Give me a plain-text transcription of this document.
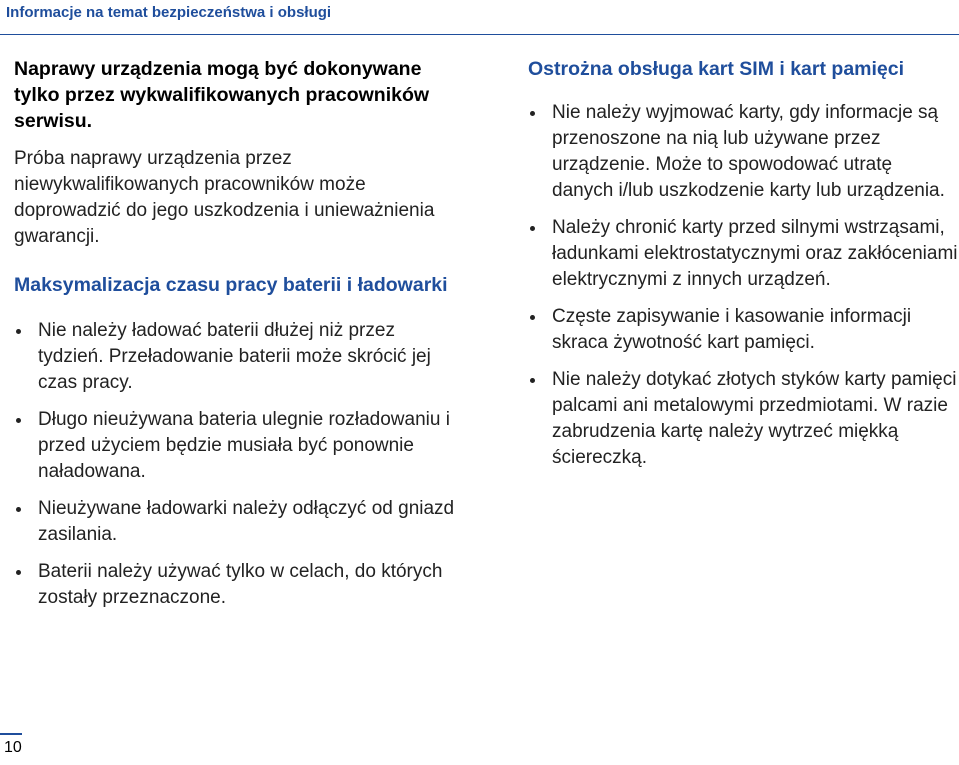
Informacje na temat bezpieczeństwa i obsługi

Naprawy urządzenia mogą być dokonywane tylko przez wykwalifikowanych pracowników serwisu.

Próba naprawy urządzenia przez niewykwalifikowanych pracowników może doprowadzić do jego uszkodzenia i unieważnienia gwarancji.

Maksymalizacja czasu pracy baterii i ładowarki
Nie należy ładować baterii dłużej niż przez tydzień. Przeładowanie baterii może skrócić jej czas pracy.
Długo nieużywana bateria ulegnie rozładowaniu i przed użyciem będzie musiała być ponownie naładowana.
Nieużywane ładowarki należy odłączyć od gniazd zasilania.
Baterii należy używać tylko w celach, do których zostały przeznaczone.
Ostrożna obsługa kart SIM i kart pamięci
Nie należy wyjmować karty, gdy informacje są przenoszone na nią lub używane przez urządzenie. Może to spowodować utratę danych i/lub uszkodzenie karty lub urządzenia.
Należy chronić karty przed silnymi wstrząsami, ładunkami elektrostatycznymi oraz zakłóceniami elektrycznymi z innych urządzeń.
Częste zapisywanie i kasowanie informacji skraca żywotność kart pamięci.
Nie należy dotykać złotych styków karty pamięci palcami ani metalowymi przedmiotami. W razie zabrudzenia kartę należy wytrzeć miękką ściereczką.
10
